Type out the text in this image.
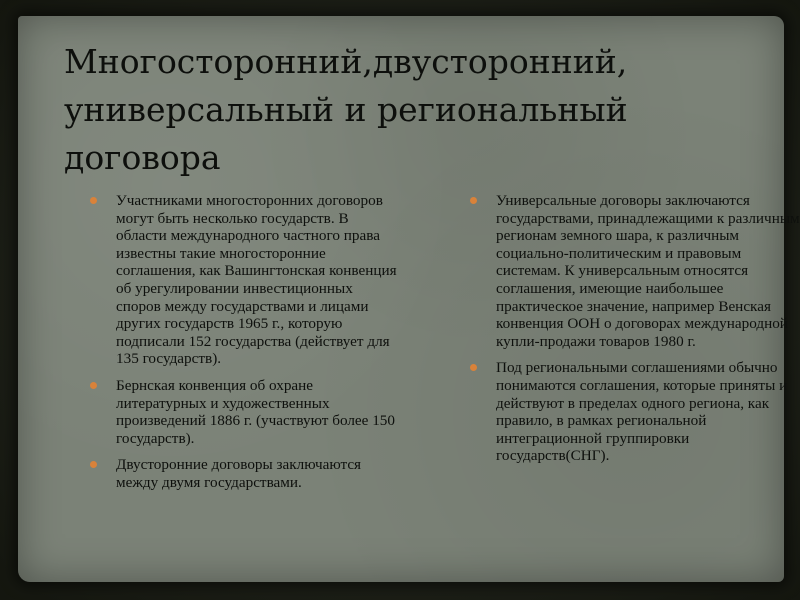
Многосторонний,двусторонний, универсальный и региональный договора
Участниками многосторонних договоров могут быть несколько государств. В области международного частного права известны такие многосторонние соглашения, как Вашингтонская конвенция об урегулировании инвестиционных споров между государствами и лицами других государств 1965 г., которую подписали 152 государства (действует для 135 государств).
Бернская конвенция об охране литературных и художественных произведений 1886 г. (участвуют более 150 государств).
Двусторонние договоры заключаются между двумя государствами.
Универсальные договоры заключаются государствами, принадлежащими к различным регионам земного шара, к различным социально-политическим и правовым системам. К универсальным относятся соглашения, имеющие наибольшее практическое значение, например Венская конвенция ООН о договорах международной купли-продажи товаров 1980 г.
Под региональными соглашениями обычно понимаются соглашения, которые приняты и действуют в пределах одного региона, как правило, в рамках региональной интеграционной группировки государств(СНГ).
